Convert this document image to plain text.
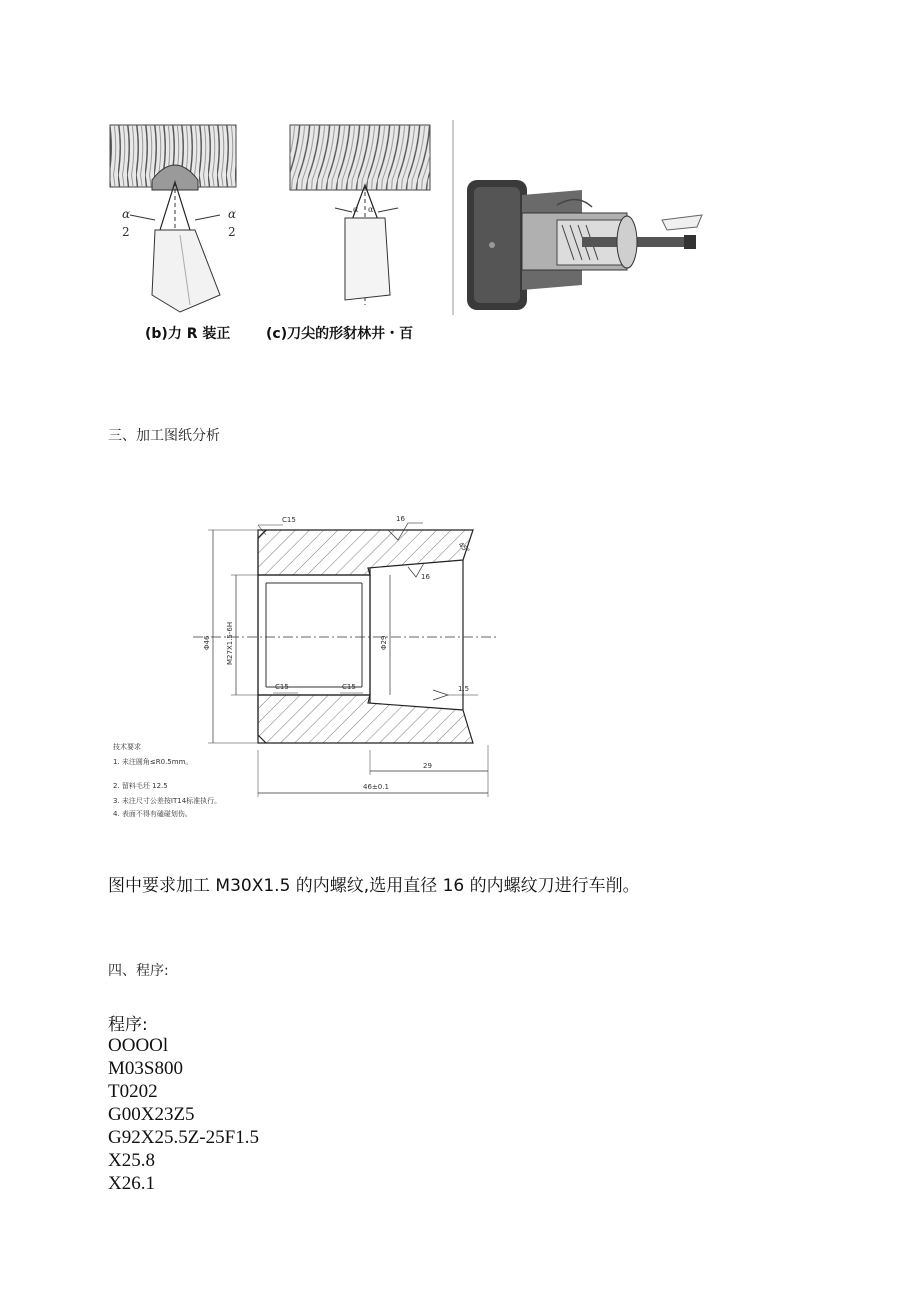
α
2
α
2
α α
(b)力 R 装正	(c)刀尖的形豺林井・百
三、加工图纸分析
Φ46 M27X1.5-6H	Φ29
C15
C15	C15
45°
16
16
1.5
29
46±0.1
技术要求
1. 未注圆角≤R0.5mm。
2. 留料毛坯 12.5
3. 未注尺寸公差按IT14标准执行。
4. 表面不得有磕碰划伤。
图中要求加工 M30X1.5 的内螺纹,选用直径 16 的内螺纹刀进行车削。
四、程序:
程序:
OOOOl
M03S800
T0202
G00X23Z5
G92X25.5Z-25F1.5
X25.8
X26.1
